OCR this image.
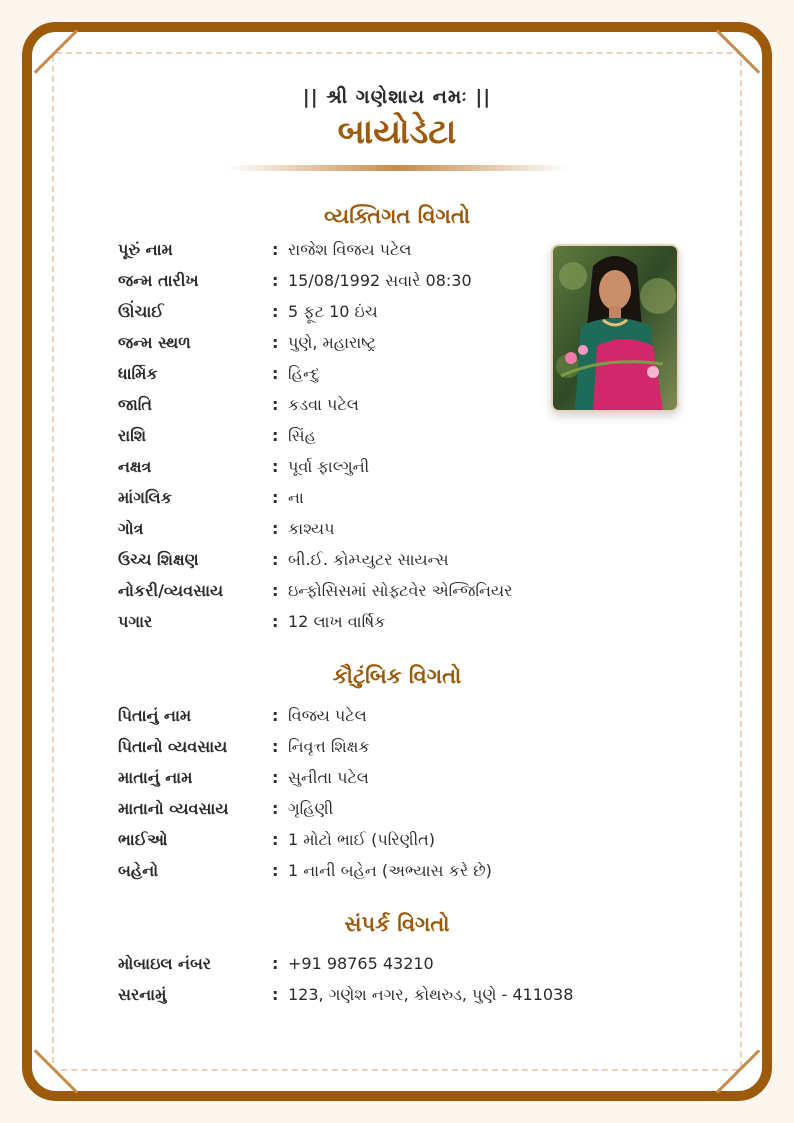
|| શ્રી ગણેશાય નમઃ ||
બાયોડેટા
વ્યક્તિગત વિગતો
પૂરું નામ	: રાજેશ વિજય પટેલ
જન્મ તારીખ	: 15/08/1992 સવારે 08:30
ઊંચાઈ	: 5 ફૂટ 10 ઇંચ
જન્મ સ્થળ	: પુણે, મહારાષ્ટ્ર
ધાર્મિક	: હિન્દુ
જાતિ	: કડવા પટેલ
રાશિ	: સિંહ
નક્ષત્ર	: પૂર્વા ફાલ્ગુની
માંગલિક	: ના
ગોત્ર	: કાશ્યપ
ઉચ્ચ શિક્ષણ	: બી.ઈ. કોમ્પ્યુટર સાયન્સ
નોકરી/વ્યવસાય	: ઇન્ફોસિસમાં સોફ્ટવેર એન્જિનિયર
પગાર	: 12 લાખ વાર્ષિક
કૌટુંબિક વિગતો
પિતાનું નામ	: વિજય પટેલ
પિતાનો વ્યવસાય	: નિવૃત્ત શિક્ષક
માતાનું નામ	: સુનીતા પટેલ
માતાનો વ્યવસાય	: ગૃહિણી
ભાઈઓ	: 1 મોટો ભાઈ (પરિણીત)
બહેનો	: 1 નાની બહેન (અભ્યાસ કરે છે)
સંપર્ક વિગતો
મોબાઇલ નંબર	: +91 98765 43210
સરનામું	: 123, ગણેશ નગર, કોથરુડ, પુણે - 411038
